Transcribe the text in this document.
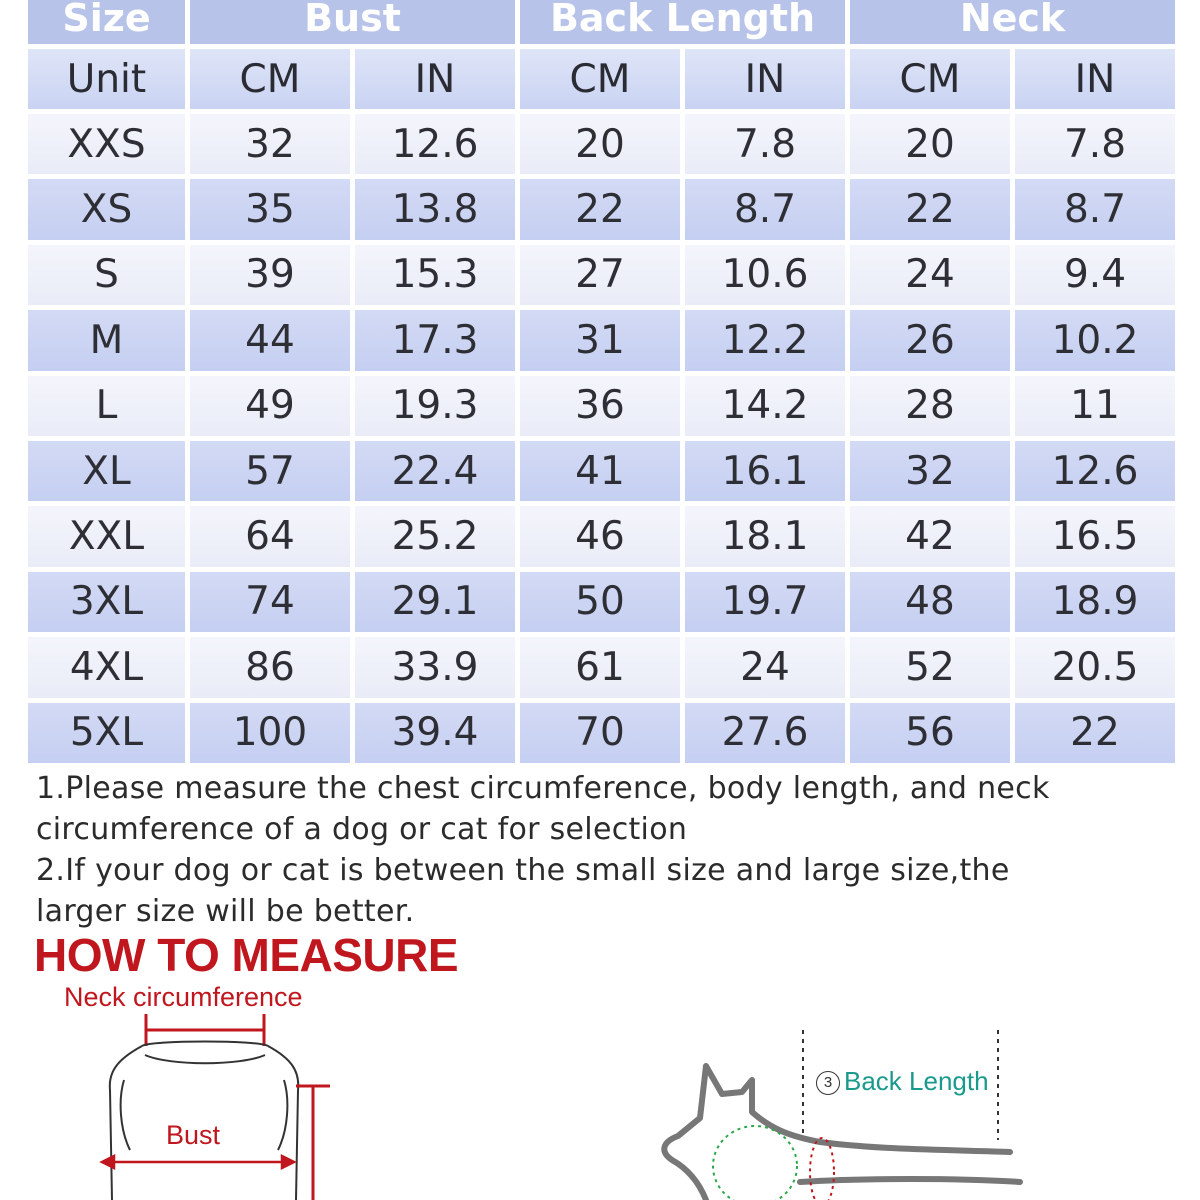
Size	Bust	Back Length	Neck
Unit	CM	IN	CM	IN	CM	IN
XXS	32	12.6	20	7.8	20	7.8
XS	35	13.8	22	8.7	22	8.7
S	39	15.3	27	10.6	24	9.4
M	44	17.3	31	12.2	26	10.2
L	49	19.3	36	14.2	28	11
XL	57	22.4	41	16.1	32	12.6
XXL	64	25.2	46	18.1	42	16.5
3XL	74	29.1	50	19.7	48	18.9
4XL	86	33.9	61	24	52	20.5
5XL	100	39.4	70	27.6	56	22

1.Please measure the chest circumference, body length, and neck

circumference of a dog or cat for selection

2.If your dog or cat is between the small size and large size,the

larger size will be better.

HOW TO MEASURE
Neck circumference
Bust
3 Back Length
